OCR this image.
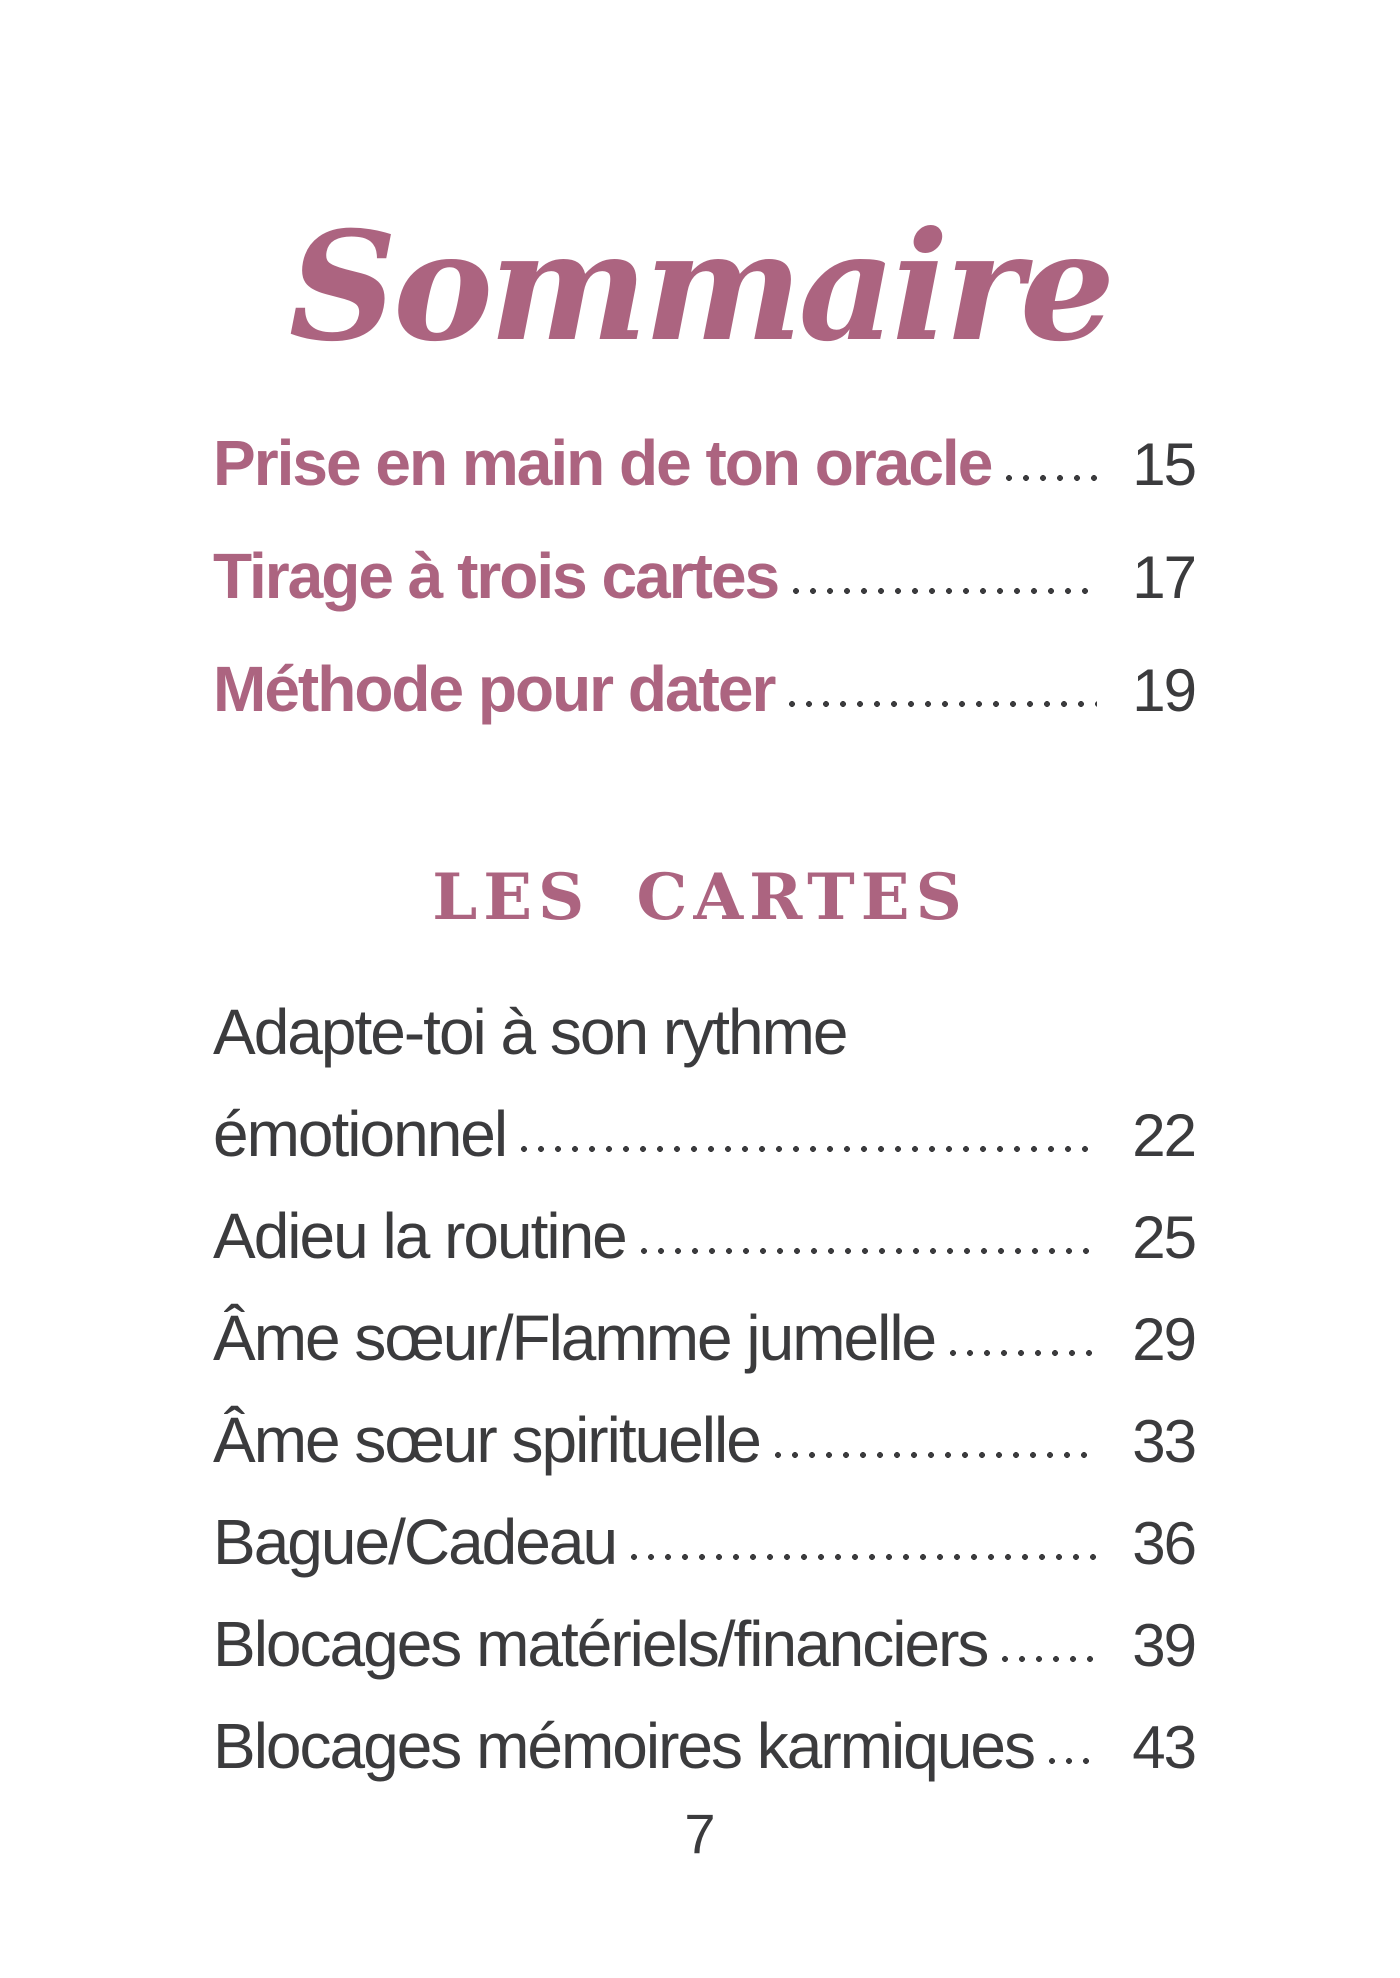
Sommaire
Prise en main de ton oracle 15
Tirage à trois cartes	17
Méthode pour dater	19
LES CARTES
Adapte-toi à son rythme
émotionnel	22
Adieu la routine	25
Âme sœur/Flamme jumelle	29
Âme sœur spirituelle	33
Bague/Cadeau	36
Blocages matériels/financiers 39
Blocages mémoires karmiques 43
7
